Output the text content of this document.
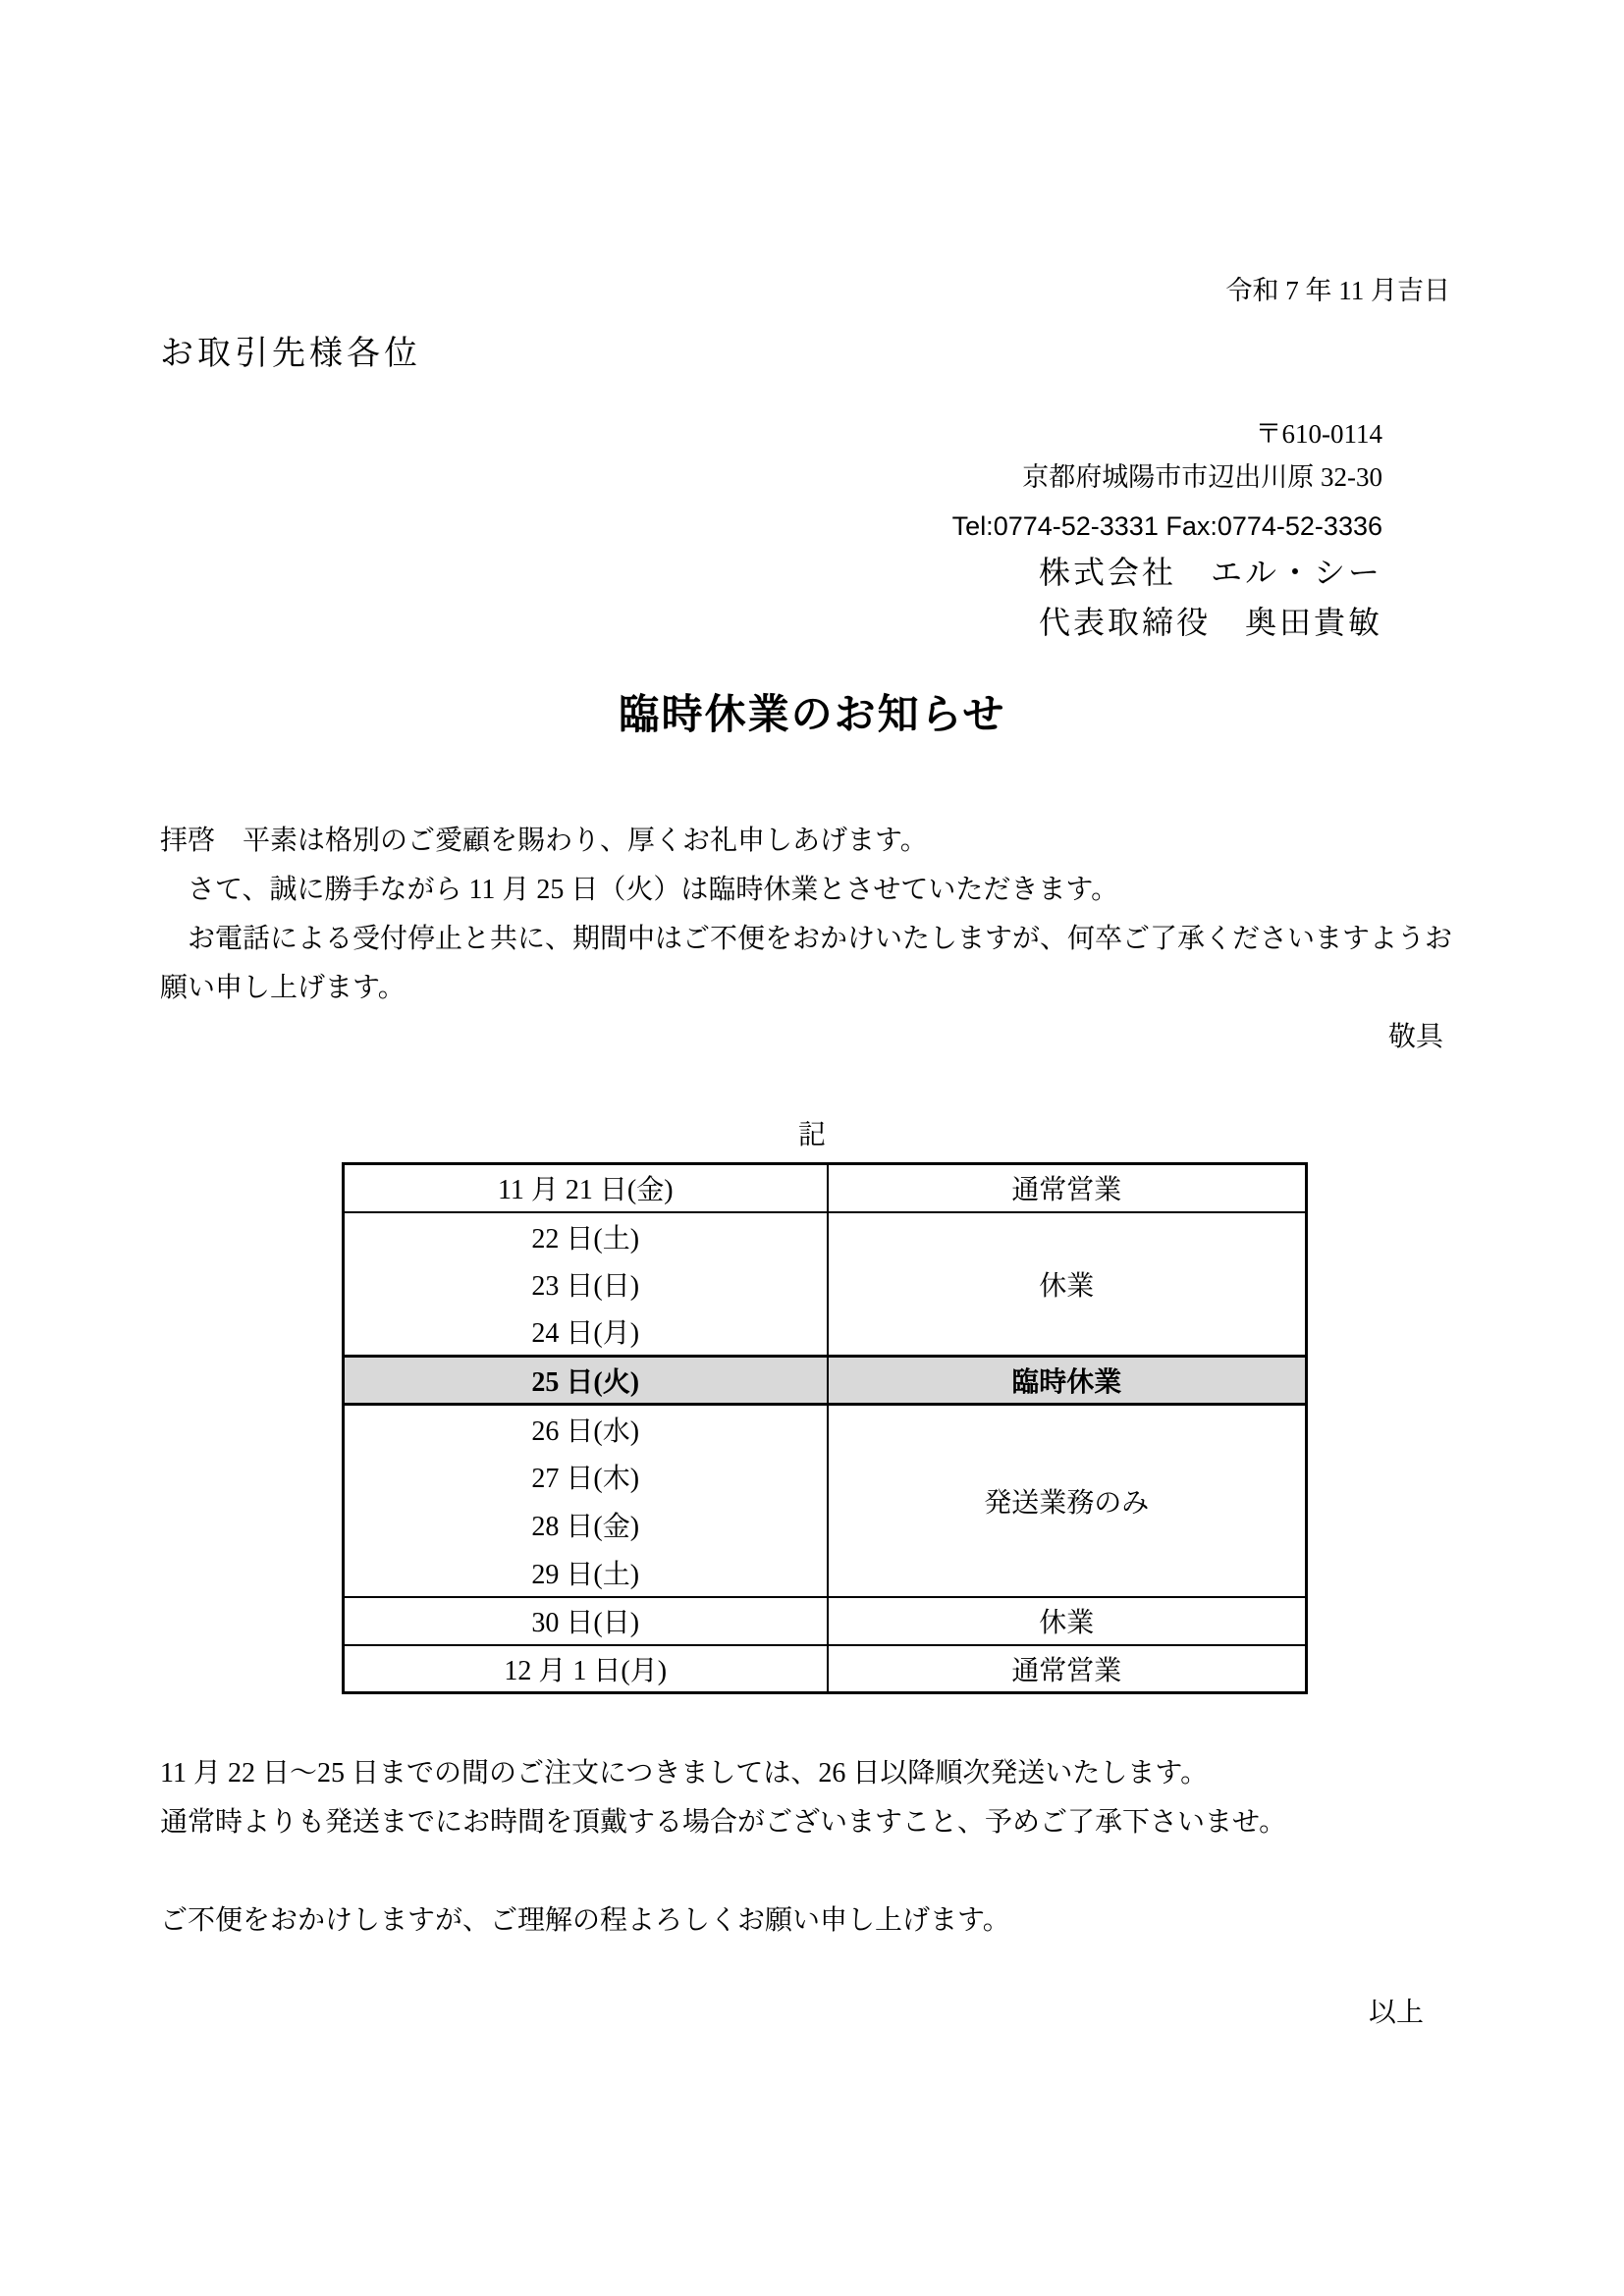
令和 7 年 11 月吉日
お取引先様各位
〒610-0114
京都府城陽市市辺出川原 32-30
Tel:0774-52-3331 Fax:0774-52-3336
株式会社　エル・シー
代表取締役　奥田貴敏
臨時休業のお知らせ

拝啓　平素は格別のご愛顧を賜わり、厚くお礼申しあげます。

　さて、誠に勝手ながら 11 月 25 日（火）は臨時休業とさせていただきます。

　お電話による受付停止と共に、期間中はご不便をおかけいたしますが、何卒ご了承くださいますようお願い申し上げます。

敬具
記
11 月 21 日(金)	通常営業
22 日(土)	休業
23 日(日)	
24 日(月)	
25 日(火)	臨時休業
26 日(水)	発送業務のみ
27 日(木)	
28 日(金)	
29 日(土)	
30 日(日)	休業
12 月 1 日(月)	通常営業

11 月 22 日～25 日までの間のご注文につきましては、26 日以降順次発送いたします。

通常時よりも発送までにお時間を頂戴する場合がございますこと、予めご了承下さいませ。

ご不便をおかけしますが、ご理解の程よろしくお願い申し上げます。

以上
